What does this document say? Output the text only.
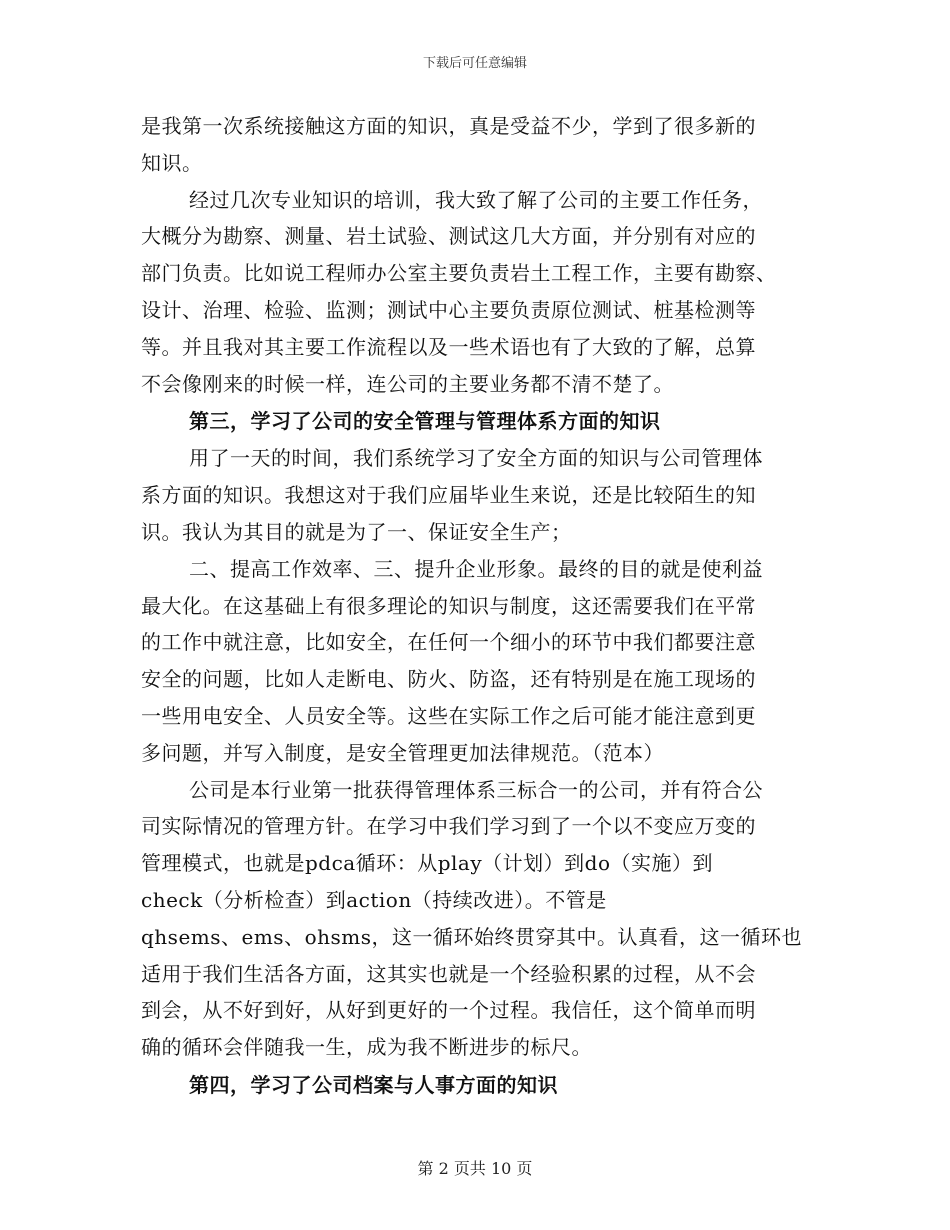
下载后可任意编辑
是我第一次系统接触这方面的知识，真是受益不少，学到了很多新的
知识。
经过几次专业知识的培训，我大致了解了公司的主要工作任务，
大概分为勘察、测量、岩土试验、测试这几大方面，并分别有对应的
部门负责。比如说工程师办公室主要负责岩土工程工作，主要有勘察、
设计、治理、检验、监测；测试中心主要负责原位测试、桩基检测等
等。并且我对其主要工作流程以及一些术语也有了大致的了解，总算
不会像刚来的时候一样，连公司的主要业务都不清不楚了。
第三，学习了公司的安全管理与管理体系方面的知识
用了一天的时间，我们系统学习了安全方面的知识与公司管理体
系方面的知识。我想这对于我们应届毕业生来说，还是比较陌生的知
识。我认为其目的就是为了一、保证安全生产；
二、提高工作效率、三、提升企业形象。最终的目的就是使利益
最大化。在这基础上有很多理论的知识与制度，这还需要我们在平常
的工作中就注意，比如安全，在任何一个细小的环节中我们都要注意
安全的问题，比如人走断电、防火、防盗，还有特别是在施工现场的
一些用电安全、人员安全等。这些在实际工作之后可能才能注意到更
多问题，并写入制度，是安全管理更加法律规范。（范本）
公司是本行业第一批获得管理体系三标合一的公司，并有符合公
司实际情况的管理方针。在学习中我们学习到了一个以不变应万变的
管理模式，也就是pdca循环：从play（计划）到do（实施）到
check（分析检查）到action（持续改进）。不管是
qhsems、ems、ohsms，这一循环始终贯穿其中。认真看，这一循环也
适用于我们生活各方面，这其实也就是一个经验积累的过程，从不会
到会，从不好到好，从好到更好的一个过程。我信任，这个简单而明
确的循环会伴随我一生，成为我不断进步的标尺。
第四，学习了公司档案与人事方面的知识
第 2 页共 10 页
